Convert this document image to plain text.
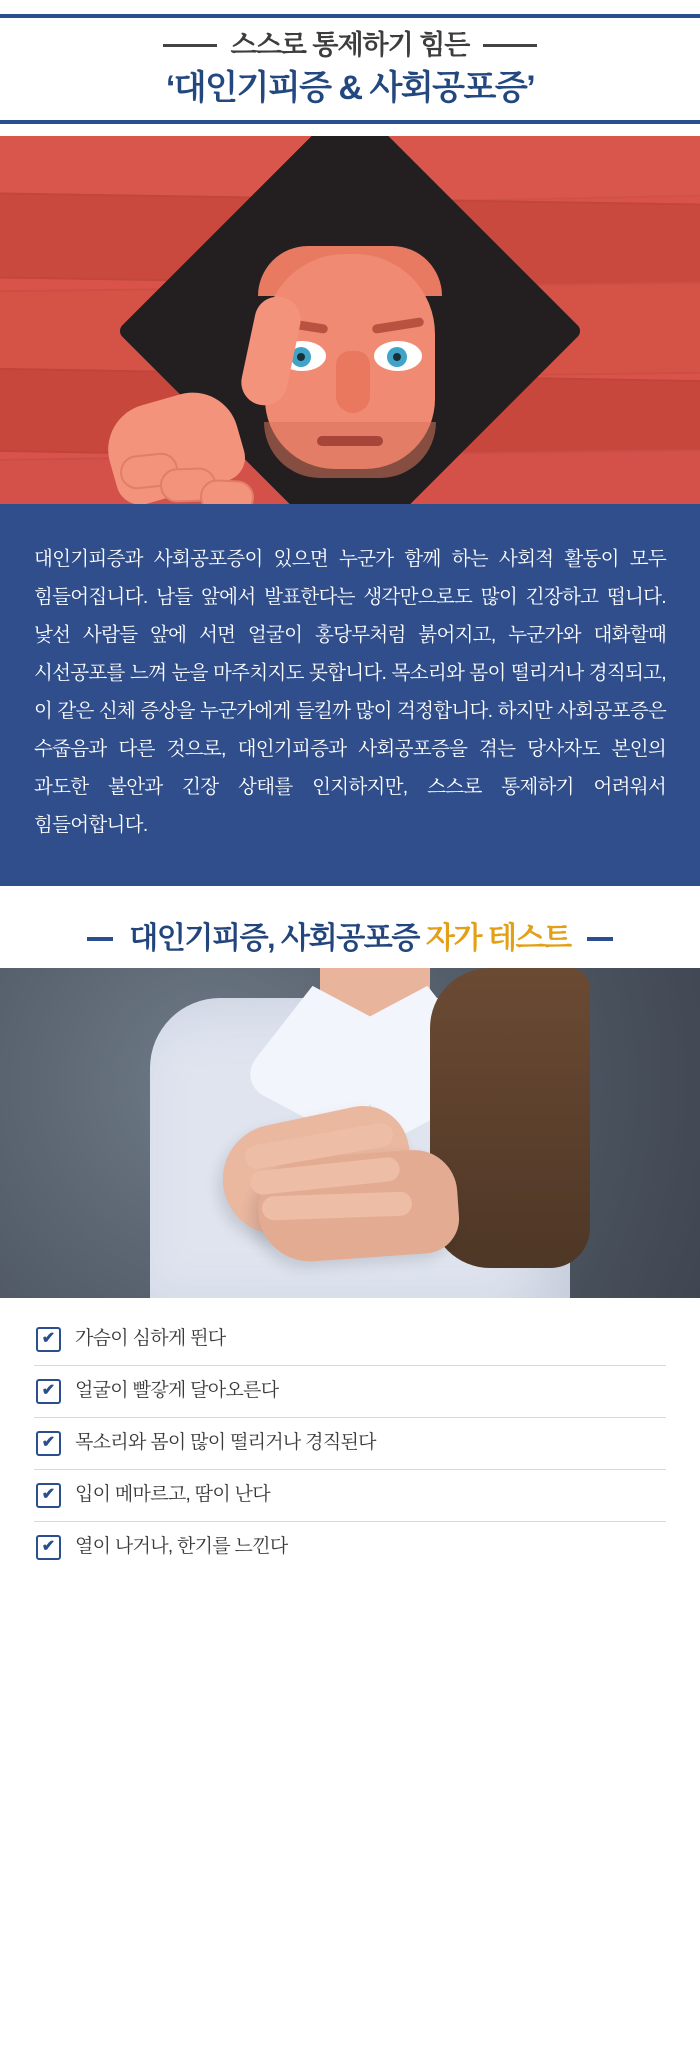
스스로 통제하기 힘든
‘대인기피증 & 사회공포증’

대인기피증과 사회공포증이 있으면 누군가 함께 하는 사회적 활동이 모두 힘들어집니다. 남들 앞에서 발표한다는 생각만으로도 많이 긴장하고 떱니다. 낯선 사람들 앞에 서면 얼굴이 홍당무처럼 붉어지고, 누군가와 대화할때 시선공포를 느껴 눈을 마주치지도 못합니다. 목소리와 몸이 떨리거나 경직되고, 이 같은 신체 증상을 누군가에게 들킬까 많이 걱정합니다. 하지만 사회공포증은 수줍음과 다른 것으로, 대인기피증과 사회공포증을 겪는 당사자도 본인의 과도한 불안과 긴장 상태를 인지하지만, 스스로 통제하기 어려워서 힘들어합니다.

대인기피증, 사회공포증 자가 테스트
✔	가슴이 심하게 뛴다
✔	얼굴이 빨갛게 달아오른다
✔	목소리와 몸이 많이 떨리거나 경직된다
✔	입이 메마르고, 땀이 난다
✔	열이 나거나, 한기를 느낀다
